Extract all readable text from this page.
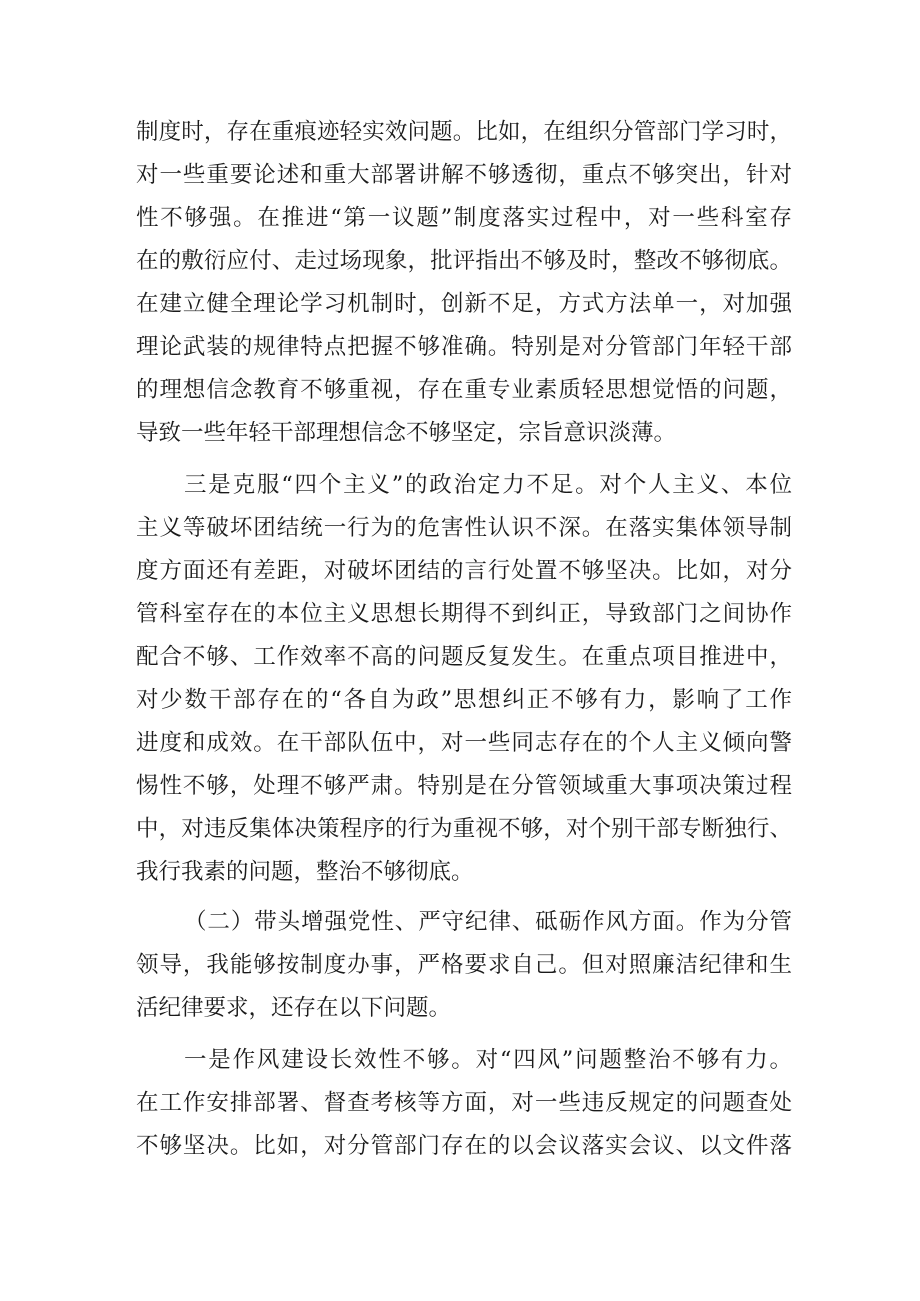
制度时，存在重痕迹轻实效问题。比如，在组织分管部门学习时，
对一些重要论述和重大部署讲解不够透彻，重点不够突出，针对
性不够强。在推进“第一议题”制度落实过程中，对一些科室存
在的敷衍应付、走过场现象，批评指出不够及时，整改不够彻底。
在建立健全理论学习机制时，创新不足，方式方法单一，对加强
理论武装的规律特点把握不够准确。特别是对分管部门年轻干部
的理想信念教育不够重视，存在重专业素质轻思想觉悟的问题，
导致一些年轻干部理想信念不够坚定，宗旨意识淡薄。
三是克服“四个主义”的政治定力不足。对个人主义、本位
主义等破坏团结统一行为的危害性认识不深。在落实集体领导制
度方面还有差距，对破坏团结的言行处置不够坚决。比如，对分
管科室存在的本位主义思想长期得不到纠正，导致部门之间协作
配合不够、工作效率不高的问题反复发生。在重点项目推进中，
对少数干部存在的“各自为政”思想纠正不够有力，影响了工作
进度和成效。在干部队伍中，对一些同志存在的个人主义倾向警
惕性不够，处理不够严肃。特别是在分管领域重大事项决策过程
中，对违反集体决策程序的行为重视不够，对个别干部专断独行、
我行我素的问题，整治不够彻底。
（二）带头增强党性、严守纪律、砥砺作风方面。作为分管
领导，我能够按制度办事，严格要求自己。但对照廉洁纪律和生
活纪律要求，还存在以下问题。
一是作风建设长效性不够。对“四风”问题整治不够有力。
在工作安排部署、督查考核等方面，对一些违反规定的问题查处
不够坚决。比如，对分管部门存在的以会议落实会议、以文件落
